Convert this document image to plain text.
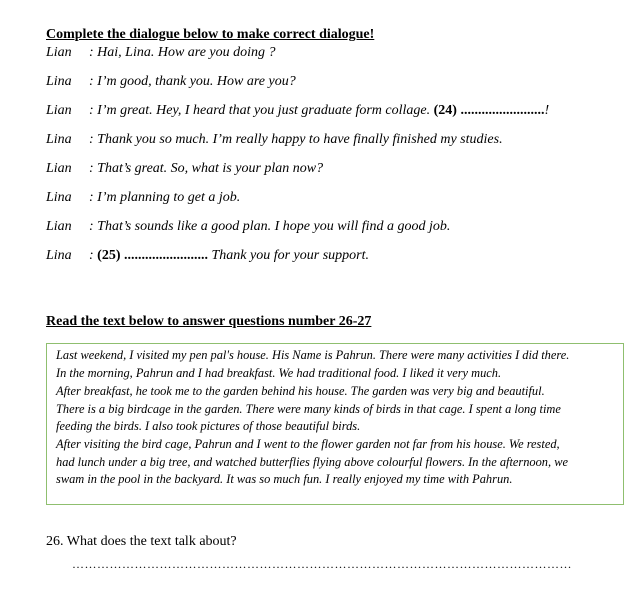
Complete the dialogue below to make correct dialogue!
Lian : Hai, Lina. How are you doing ?
Lina : I’m good, thank you. How are you?
Lian : I’m great. Hey, I heard that you just graduate form collage. (24) ........................!
Lina : Thank you so much. I’m really happy to have finally finished my studies.
Lian : That’s great. So, what is your plan now?
Lina : I’m planning to get a job.
Lian : That’s sounds like a good plan. I hope you will find a good job.
Lina : (25) ........................ Thank you for your support.
Read the text below to answer questions number 26-27
Last weekend, I visited my pen pal's house. His Name is Pahrun. There were many activities I did there.
In the morning, Pahrun and I had breakfast. We had traditional food. I liked it very much.
After breakfast, he took me to the garden behind his house. The garden was very big and beautiful.
There is a big birdcage in the garden. There were many kinds of birds in that cage. I spent a long time
feeding the birds. I also took pictures of those beautiful birds.
After visiting the bird cage, Pahrun and I went to the flower garden not far from his house. We rested,
had lunch under a big tree, and watched butterflies flying above colourful flowers. In the afternoon, we
swam in the pool in the backyard. It was so much fun. I really enjoyed my time with Pahrun.
26. What does the text talk about?
…………………………………………………………………………………………………………
